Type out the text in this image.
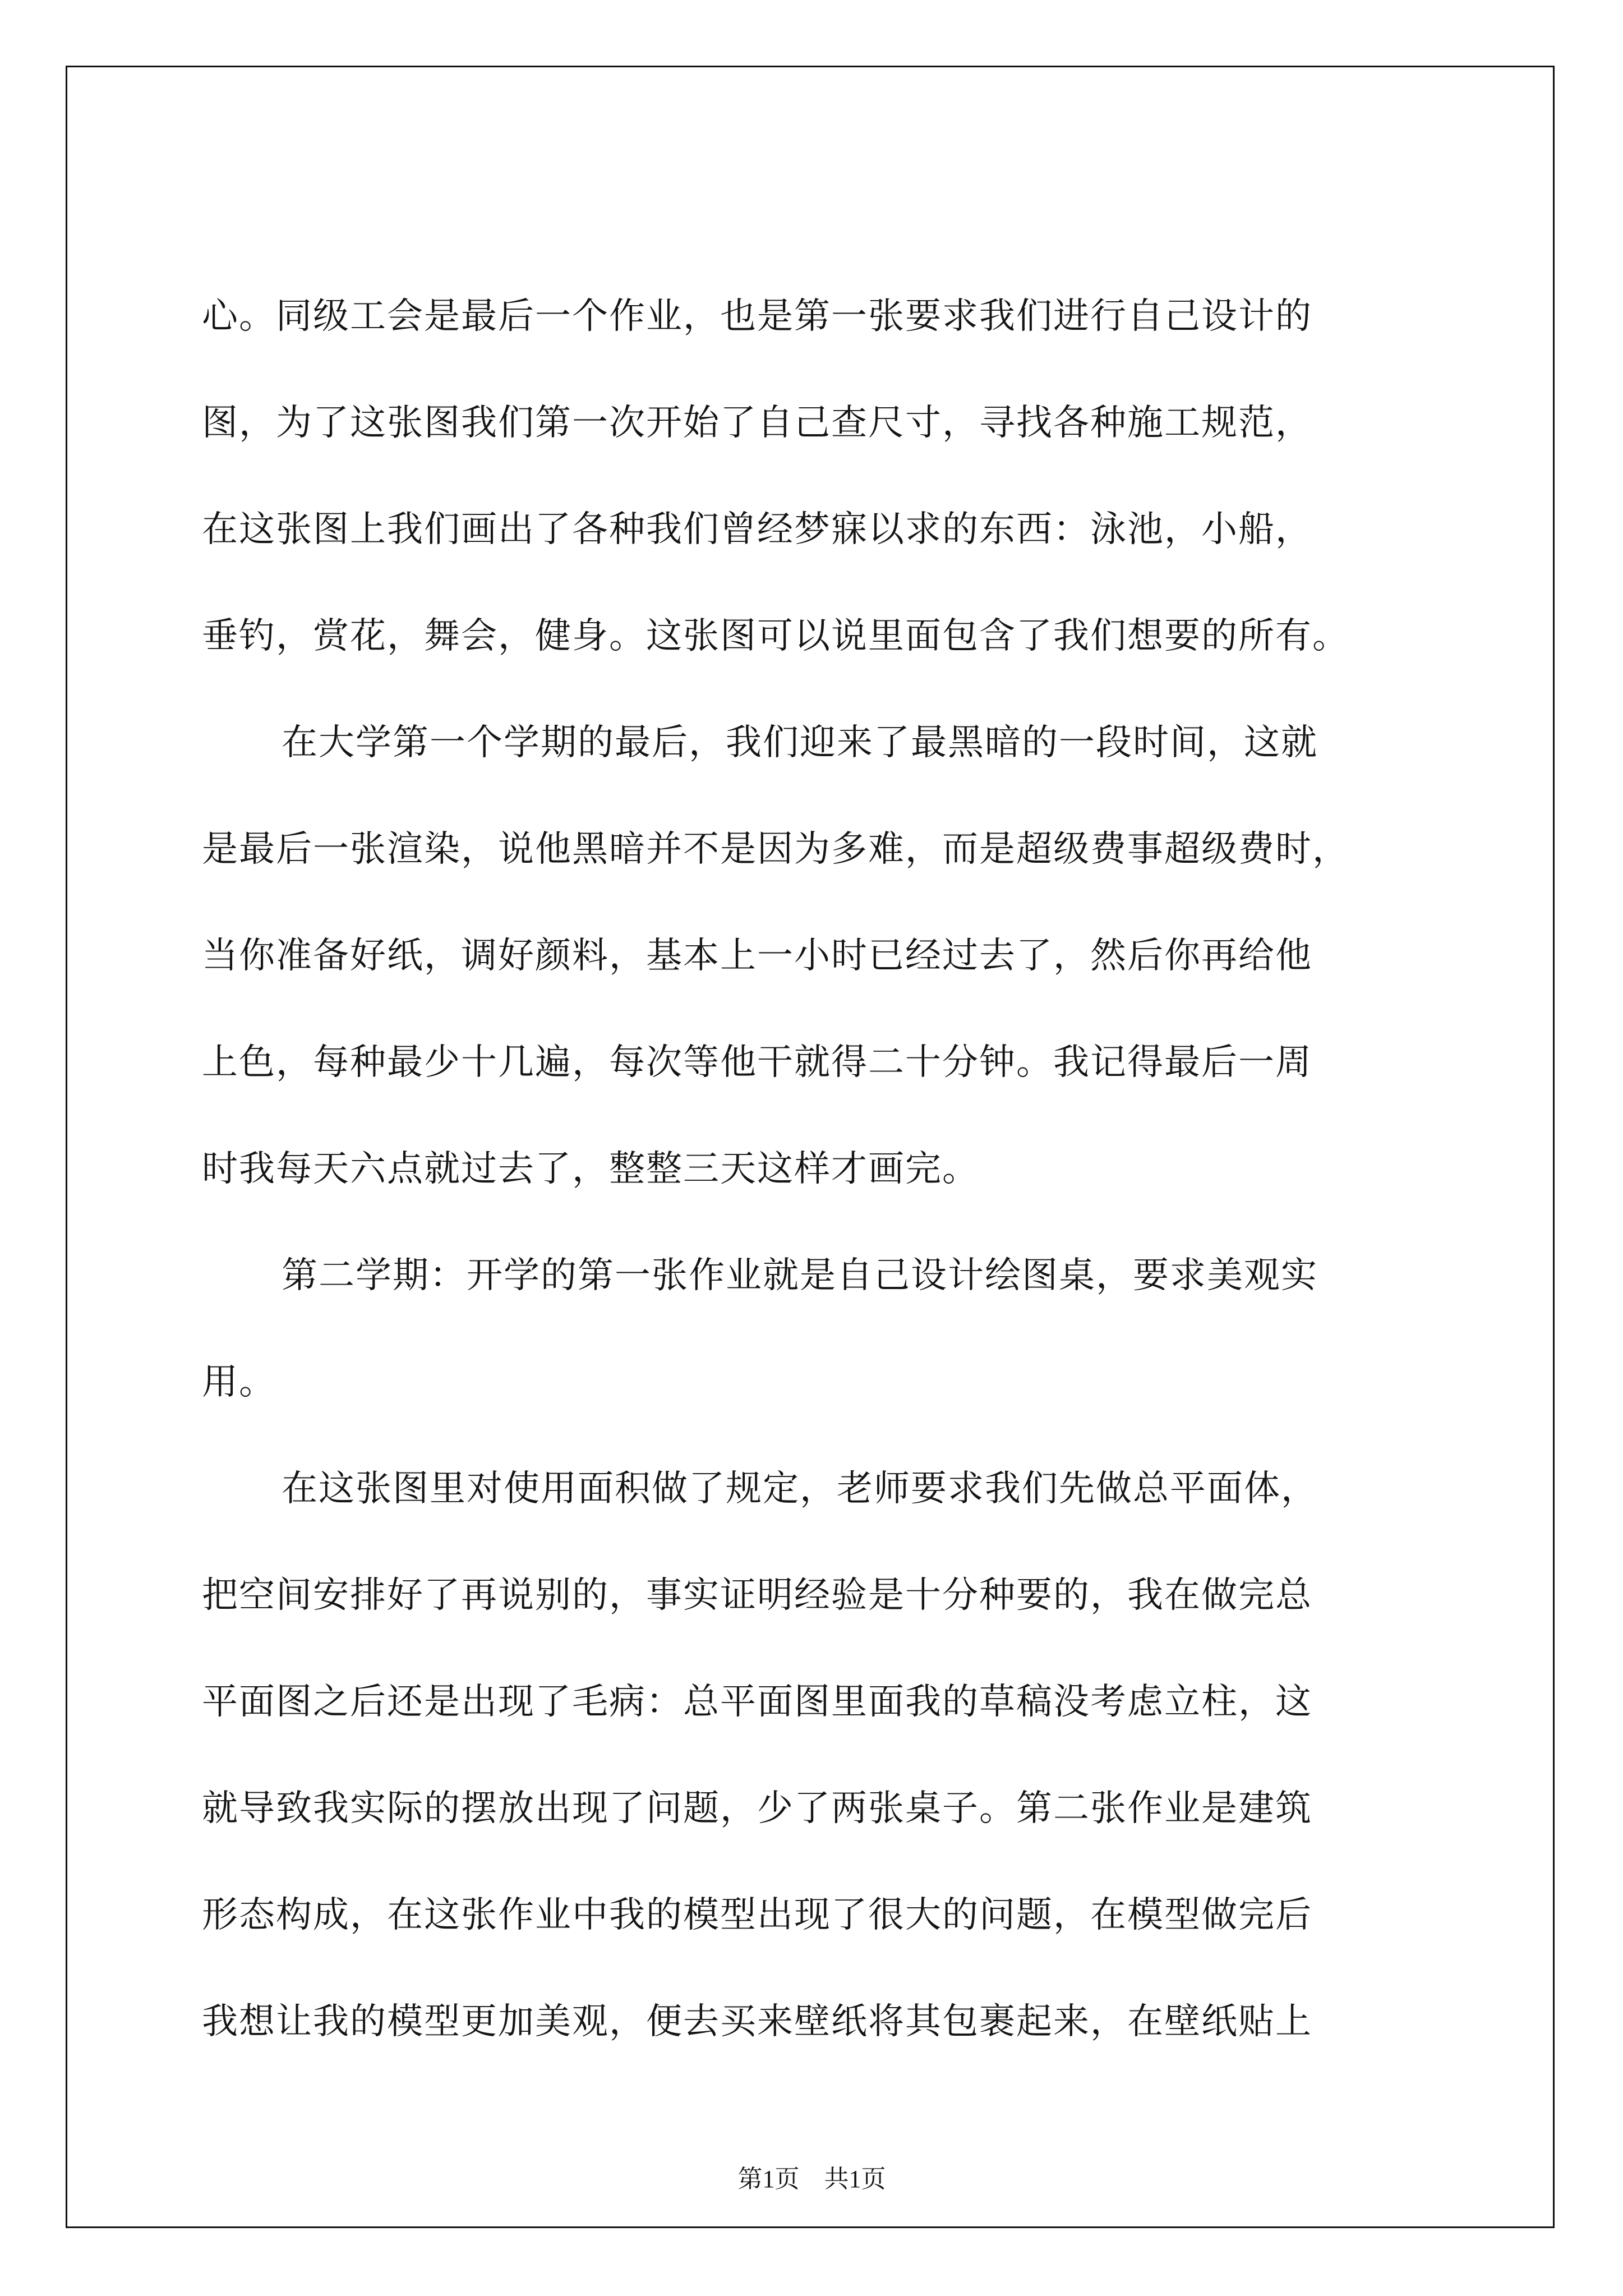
心。同级工会是最后一个作业，也是第一张要求我们进行自己设计的
图，为了这张图我们第一次开始了自己查尺寸，寻找各种施工规范，
在这张图上我们画出了各种我们曾经梦寐以求的东西：泳池，小船，
垂钓，赏花，舞会，健身。这张图可以说里面包含了我们想要的所有。
在大学第一个学期的最后，我们迎来了最黑暗的一段时间，这就
是最后一张渲染，说他黑暗并不是因为多难，而是超级费事超级费时，
当你准备好纸，调好颜料，基本上一小时已经过去了，然后你再给他
上色，每种最少十几遍，每次等他干就得二十分钟。我记得最后一周
时我每天六点就过去了，整整三天这样才画完。
第二学期：开学的第一张作业就是自己设计绘图桌，要求美观实
用。
在这张图里对使用面积做了规定，老师要求我们先做总平面体，
把空间安排好了再说别的，事实证明经验是十分种要的，我在做完总
平面图之后还是出现了毛病：总平面图里面我的草稿没考虑立柱，这
就导致我实际的摆放出现了问题，少了两张桌子。第二张作业是建筑
形态构成，在这张作业中我的模型出现了很大的问题，在模型做完后
我想让我的模型更加美观，便去买来壁纸将其包裹起来，在壁纸贴上
第1页 共1页
